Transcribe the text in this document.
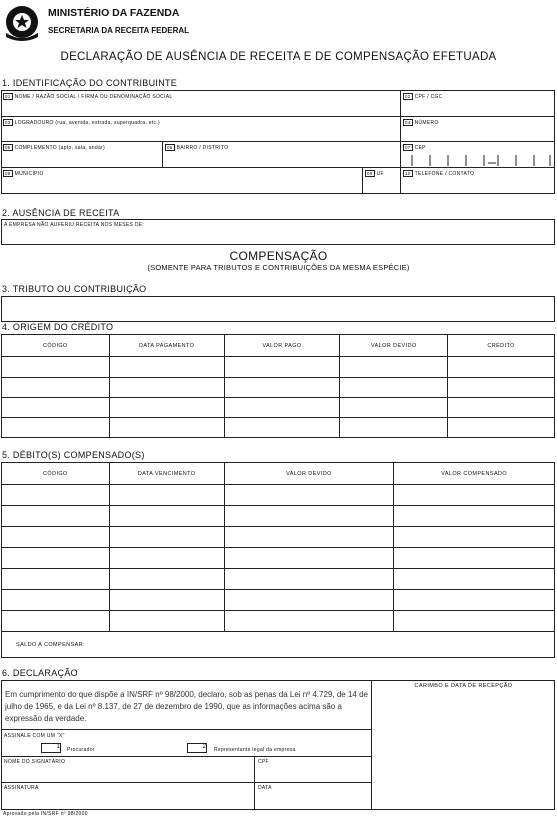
MINISTÉRIO DA FAZENDA
SECRETARIA DA RECEITA FEDERAL
DECLARAÇÃO DE AUSÊNCIA DE RECEITA E DE COMPENSAÇÃO EFETUADA
1. IDENTIFICAÇÃO DO CONTRIBUINTE
01 NOME / RAZÃO SOCIAL / FIRMA OU DENOMINAÇÃO SOCIAL	02 CPF / CGC
03 LOGRADOURO (rua, avenida, estrada, superquadra, etc.)	04 NÚMERO
05 COMPLEMENTO (apto, sala, andar)	06 BAIRRO / DISTRITO	07 CEP
08 MUNICÍPIO	09 UF	10 TELEFONE / CONTATO
2. AUSÊNCIA DE RECEITA
A EMPRESA NÃO AUFERIU RECEITA NOS MESES DE:
COMPENSAÇÃO
(SOMENTE PARA TRIBUTOS E CONTRIBUIÇÕES DA MESMA ESPÉCIE)
3. TRIBUTO OU CONTRIBUIÇÃO
4. ORIGEM DO CRÉDITO
CÓDIGO	DATA PAGAMENTO	VALOR PAGO	VALOR DEVIDO	CRÉDITO

5. DÉBITO(S) COMPENSADO(S)
CÓDIGO	DATA VENCIMENTO	VALOR DEVIDO	VALOR COMPENSADO

SALDO A COMPENSAR:			
6. DECLARAÇÃO
CARIMBO E DATA DE RECEPÇÃO
Em cumprimento do que dispõe a IN/SRF nº 98/2000, declaro, sob as penas da Lei nº 4.729, de 14 de julho de 1965, e da Lei nº 8.137, de 27 de dezembro de 1990, que as informações acima são a expressão da verdade.
ASSINALE COM UM "X"
1 Procurador	2 Representante legal da empresa
NOME DO SIGNATÁRIO	CPF
ASSINATURA	DATA
Aprovado pela IN/SRF nº 98/2000
